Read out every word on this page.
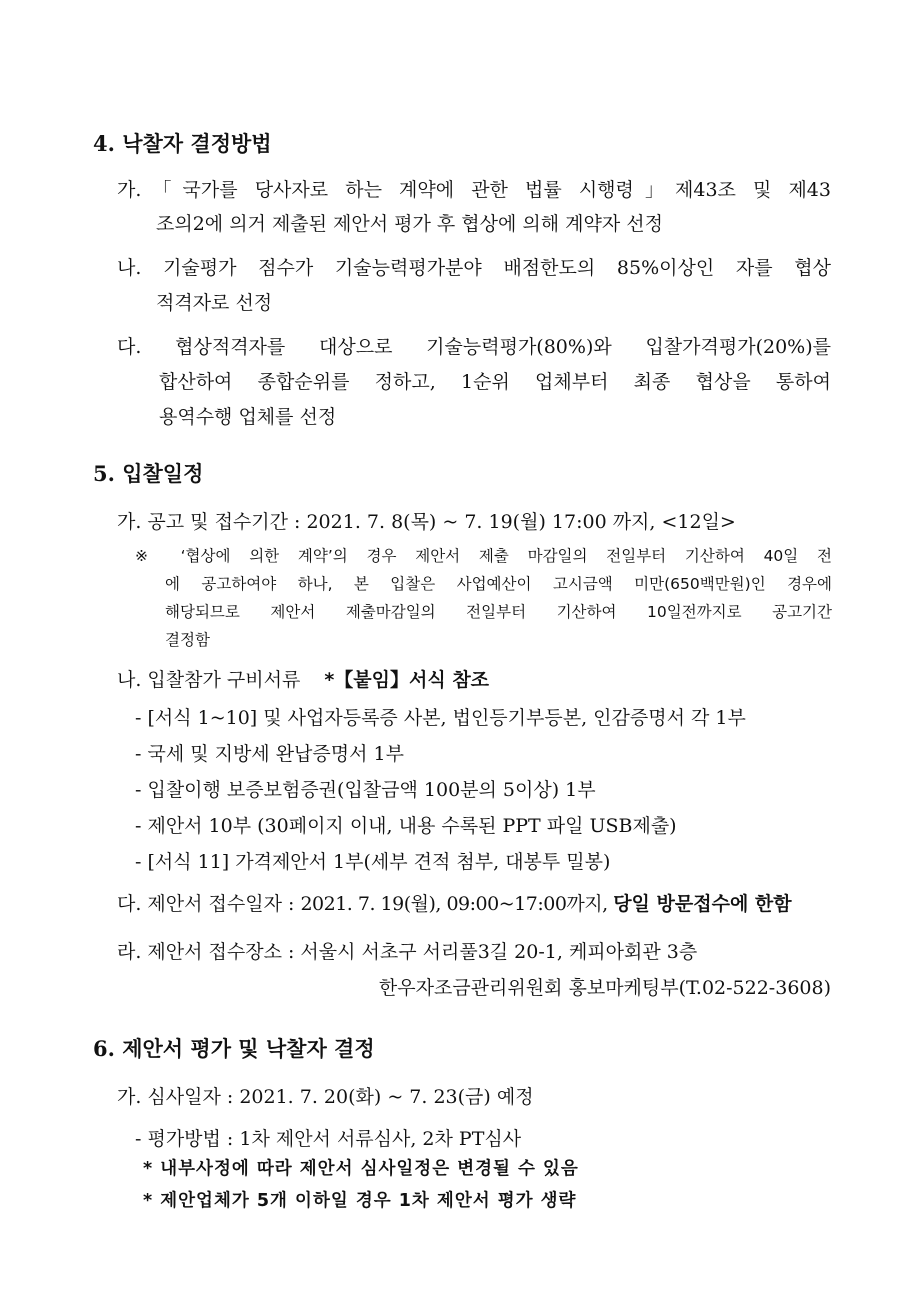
4. 낙찰자 결정방법

가.「국가를 당사자로 하는 계약에 관한 법률 시행령」제43조 및 제43

조의2에 의거 제출된 제안서 평가 후 협상에 의해 계약자 선정

나. 기술평가 점수가 기술능력평가분야 배점한도의 85%이상인 자를 협상

적격자로 선정

다. 협상적격자를 대상으로 기술능력평가(80%)와 입찰가격평가(20%)를

합산하여 종합순위를 정하고, 1순위 업체부터 최종 협상을 통하여

용역수행 업체를 선정

5. 입찰일정

가. 공고 및 접수기간 : 2021. 7. 8(목) ~ 7. 19(월) 17:00 까지, <12일>

※ ‘협상에 의한 계약’의 경우 제안서 제출 마감일의 전일부터 기산하여 40일 전

에 공고하여야 하나, 본 입찰은 사업예산이 고시금액 미만(650백만원)인 경우에

해당되므로 제안서 제출마감일의 전일부터 기산하여 10일전까지로 공고기간

결정함

나. 입찰참가 구비서류 *【붙임】서식 참조

- [서식 1~10] 및 사업자등록증 사본, 법인등기부등본, 인감증명서 각 1부

- 국세 및 지방세 완납증명서 1부

- 입찰이행 보증보험증권(입찰금액 100분의 5이상) 1부

- 제안서 10부 (30페이지 이내, 내용 수록된 PPT 파일 USB제출)

- [서식 11] 가격제안서 1부(세부 견적 첨부, 대봉투 밀봉)

다. 제안서 접수일자 : 2021. 7. 19(월), 09:00~17:00까지, 당일 방문접수에 한함

라. 제안서 접수장소 : 서울시 서초구 서리풀3길 20-1, 케피아회관 3층

한우자조금관리위원회 홍보마케팅부(T.02-522-3608)

6. 제안서 평가 및 낙찰자 결정

가. 심사일자 : 2021. 7. 20(화) ~ 7. 23(금) 예정

- 평가방법 : 1차 제안서 서류심사, 2차 PT심사

* 내부사정에 따라 제안서 심사일정은 변경될 수 있음

* 제안업체가 5개 이하일 경우 1차 제안서 평가 생략
